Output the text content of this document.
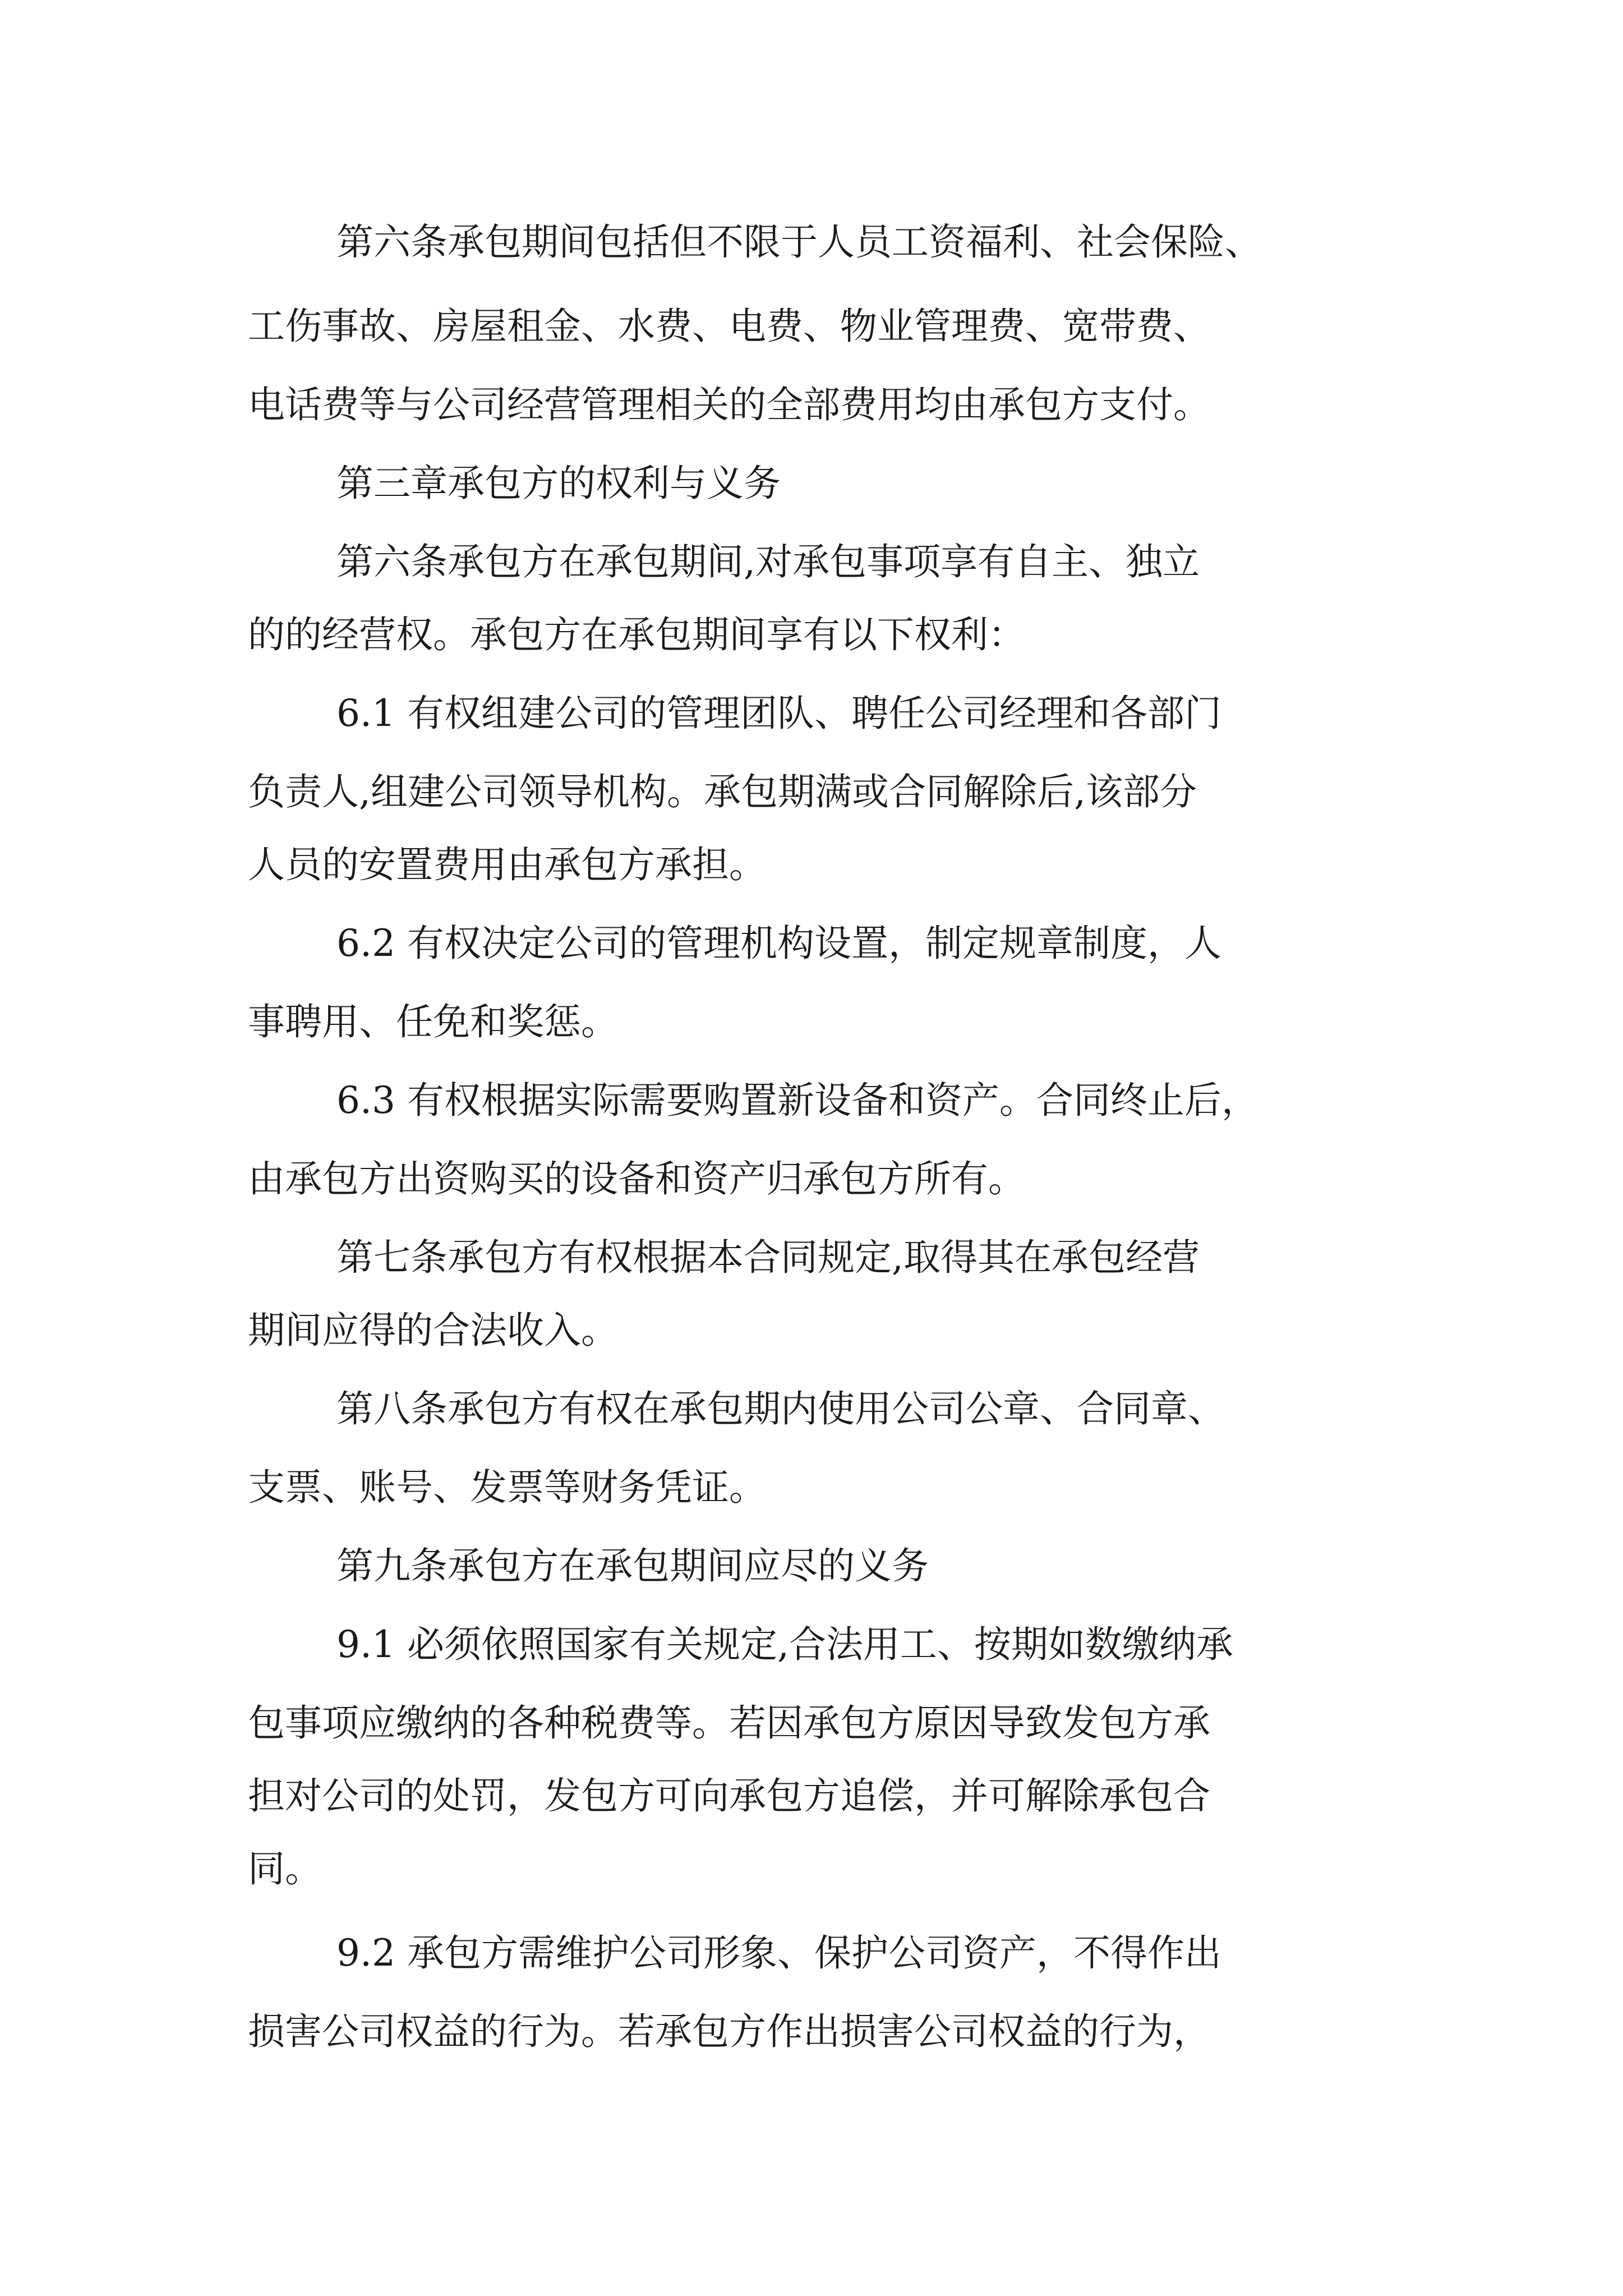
第六条承包期间包括但不限于人员工资福利、社会保险、
工伤事故、房屋租金、水费、电费、物业管理费、宽带费、
电话费等与公司经营管理相关的全部费用均由承包方支付。
第三章承包方的权利与义务
第六条承包方在承包期间,对承包事项享有自主、独立
的的经营权。承包方在承包期间享有以下权利：
6.1 有权组建公司的管理团队、聘任公司经理和各部门
负责人,组建公司领导机构。承包期满或合同解除后,该部分
人员的安置费用由承包方承担。
6.2 有权决定公司的管理机构设置，制定规章制度，人
事聘用、任免和奖惩。
6.3 有权根据实际需要购置新设备和资产。合同终止后，
由承包方出资购买的设备和资产归承包方所有。
第七条承包方有权根据本合同规定,取得其在承包经营
期间应得的合法收入。
第八条承包方有权在承包期内使用公司公章、合同章、
支票、账号、发票等财务凭证。
第九条承包方在承包期间应尽的义务
9.1 必须依照国家有关规定,合法用工、按期如数缴纳承
包事项应缴纳的各种税费等。若因承包方原因导致发包方承
担对公司的处罚，发包方可向承包方追偿，并可解除承包合
同。
9.2 承包方需维护公司形象、保护公司资产，不得作出
损害公司权益的行为。若承包方作出损害公司权益的行为，
